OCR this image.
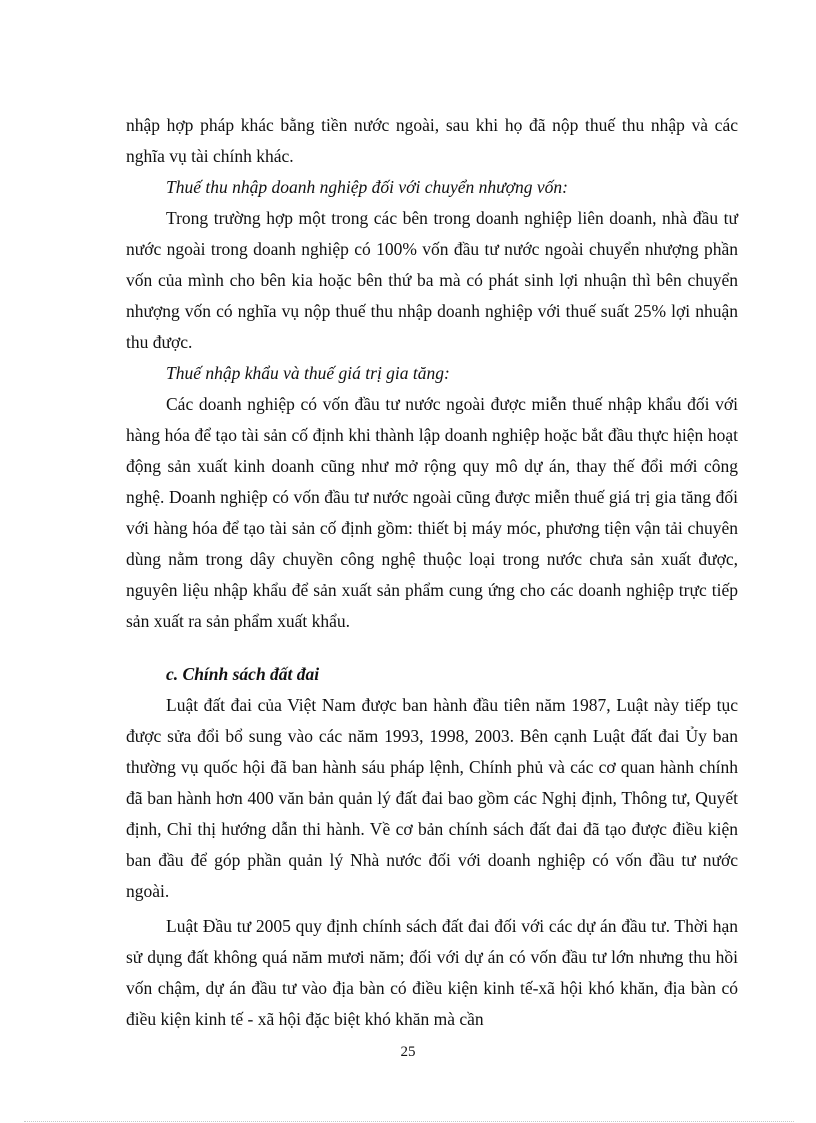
nhập hợp pháp khác bằng tiền nước ngoài, sau khi họ đã nộp thuế thu nhập và các nghĩa vụ tài chính khác.

Thuế thu nhập doanh nghiệp đối với chuyển nhượng vốn:

Trong trường hợp một trong các bên trong doanh nghiệp liên doanh, nhà đầu tư nước ngoài trong doanh nghiệp có 100% vốn đầu tư nước ngoài chuyển nhượng phần vốn của mình cho bên kia hoặc bên thứ ba mà có phát sinh lợi nhuận thì bên chuyển nhượng vốn có nghĩa vụ nộp thuế thu nhập doanh nghiệp với thuế suất 25% lợi nhuận thu được.

Thuế nhập khẩu và thuế giá trị gia tăng:

Các doanh nghiệp có vốn đầu tư nước ngoài được miễn thuế nhập khẩu đối với hàng hóa để tạo tài sản cố định khi thành lập doanh nghiệp hoặc bắt đầu thực hiện hoạt động sản xuất kinh doanh cũng như mở rộng quy mô dự án, thay thế đổi mới công nghệ. Doanh nghiệp có vốn đầu tư nước ngoài cũng được miễn thuế giá trị gia tăng đối với hàng hóa để tạo tài sản cố định gồm: thiết bị máy móc, phương tiện vận tải chuyên dùng nằm trong dây chuyền công nghệ thuộc loại trong nước chưa sản xuất được, nguyên liệu nhập khẩu để sản xuất sản phẩm cung ứng cho các doanh nghiệp trực tiếp sản xuất ra sản phẩm xuất khẩu.

c. Chính sách đất đai

Luật đất đai của Việt Nam được ban hành đầu tiên năm 1987, Luật này tiếp tục được sửa đổi bổ sung vào các năm 1993, 1998, 2003. Bên cạnh Luật đất đai Ủy ban thường vụ quốc hội đã ban hành sáu pháp lệnh, Chính phủ và các cơ quan hành chính đã ban hành hơn 400 văn bản quản lý đất đai bao gồm các Nghị định, Thông tư, Quyết định, Chỉ thị hướng dẫn thi hành. Về cơ bản chính sách đất đai đã tạo được điều kiện ban đầu để góp phần quản lý Nhà nước đối với doanh nghiệp có vốn đầu tư nước ngoài.

Luật Đầu tư 2005 quy định chính sách đất đai đối với các dự án đầu tư. Thời hạn sử dụng đất không quá năm mươi năm; đối với dự án có vốn đầu tư lớn nhưng thu hồi vốn chậm, dự án đầu tư vào địa bàn có điều kiện kinh tế-xã hội khó khăn, địa bàn có điều kiện kinh tế - xã hội đặc biệt khó khăn mà cần

25
